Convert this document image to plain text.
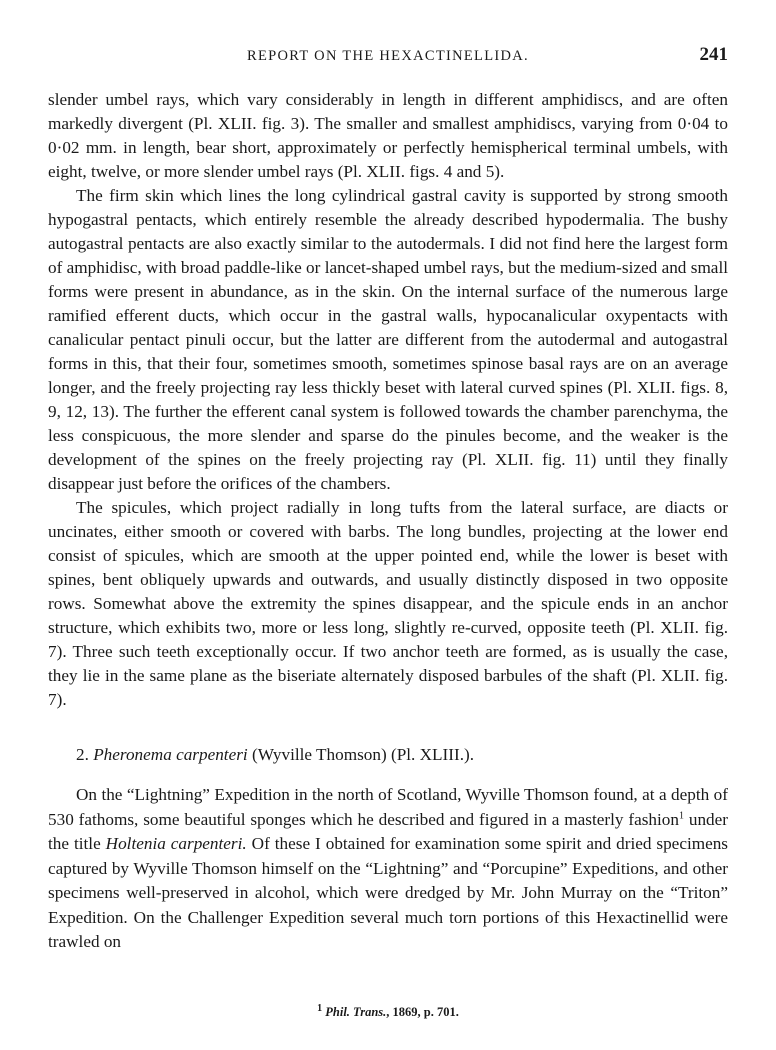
REPORT ON THE HEXACTINELLIDA.	241

slender umbel rays, which vary considerably in length in different amphidiscs, and are often markedly divergent (Pl. XLII. fig. 3). The smaller and smallest amphidiscs, varying from 0·04 to 0·02 mm. in length, bear short, approximately or perfectly hemispherical terminal umbels, with eight, twelve, or more slender umbel rays (Pl. XLII. figs. 4 and 5).

The firm skin which lines the long cylindrical gastral cavity is supported by strong smooth hypogastral pentacts, which entirely resemble the already described hypodermalia. The bushy autogastral pentacts are also exactly similar to the autodermals. I did not find here the largest form of amphidisc, with broad paddle-like or lancet-shaped umbel rays, but the medium-sized and small forms were present in abundance, as in the skin. On the internal surface of the numerous large ramified efferent ducts, which occur in the gastral walls, hypocanalicular oxypentacts with canalicular pentact pinuli occur, but the latter are different from the autodermal and autogastral forms in this, that their four, sometimes smooth, sometimes spinose basal rays are on an average longer, and the freely projecting ray less thickly beset with lateral curved spines (Pl. XLII. figs. 8, 9, 12, 13). The further the efferent canal system is followed towards the chamber parenchyma, the less conspicuous, the more slender and sparse do the pinules become, and the weaker is the development of the spines on the freely projecting ray (Pl. XLII. fig. 11) until they finally disappear just before the orifices of the chambers.

The spicules, which project radially in long tufts from the lateral surface, are diacts or uncinates, either smooth or covered with barbs. The long bundles, projecting at the lower end consist of spicules, which are smooth at the upper pointed end, while the lower is beset with spines, bent obliquely upwards and outwards, and usually distinctly disposed in two opposite rows. Somewhat above the extremity the spines disappear, and the spicule ends in an anchor structure, which exhibits two, more or less long, slightly re-curved, opposite teeth (Pl. XLII. fig. 7). Three such teeth exceptionally occur. If two anchor teeth are formed, as is usually the case, they lie in the same plane as the biseriate alternately disposed barbules of the shaft (Pl. XLII. fig. 7).

2. Pheronema carpenteri (Wyville Thomson) (Pl. XLIII.).

On the “Lightning” Expedition in the north of Scotland, Wyville Thomson found, at a depth of 530 fathoms, some beautiful sponges which he described and figured in a masterly fashion$^1$ under the title Holtenia carpenteri. Of these I obtained for examination some spirit and dried specimens captured by Wyville Thomson himself on the “Lightning” and “Porcupine” Expeditions, and other specimens well-preserved in alcohol, which were dredged by Mr. John Murray on the “Triton” Expedition. On the Challenger Expedition several much torn portions of this Hexactinellid were trawled on

$^1$ Phil. Trans., 1869, p. 701.
